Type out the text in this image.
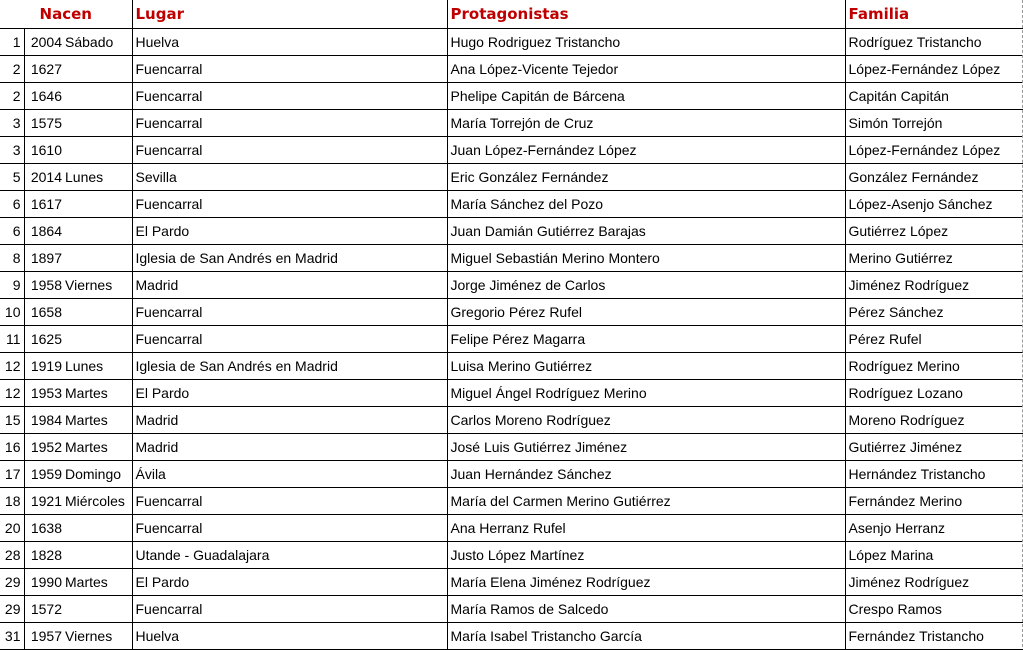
Nacen			Lugar	Protagonistas	Familia
1	2004	Sábado	Huelva	Hugo Rodriguez Tristancho	Rodríguez Tristancho
2	1627		Fuencarral	Ana López-Vicente Tejedor	López-Fernández López
2	1646		Fuencarral	Phelipe Capitán de Bárcena	Capitán Capitán
3	1575		Fuencarral	María Torrejón de Cruz	Simón Torrejón
3	1610		Fuencarral	Juan López-Fernández López	López-Fernández López
5	2014	Lunes	Sevilla	Eric González Fernández	González Fernández
6	1617		Fuencarral	María Sánchez del Pozo	López-Asenjo Sánchez
6	1864		El Pardo	Juan Damián Gutiérrez Barajas	Gutiérrez López
8	1897		Iglesia de San Andrés en Madrid	Miguel Sebastián Merino Montero	Merino Gutiérrez
9	1958	Viernes	Madrid	Jorge Jiménez de Carlos	Jiménez Rodríguez
10	1658		Fuencarral	Gregorio Pérez Rufel	Pérez Sánchez
11	1625		Fuencarral	Felipe Pérez Magarra	Pérez Rufel
12	1919	Lunes	Iglesia de San Andrés en Madrid	Luisa Merino Gutiérrez	Rodríguez Merino
12	1953	Martes	El Pardo	Miguel Ángel Rodríguez Merino	Rodríguez Lozano
15	1984	Martes	Madrid	Carlos Moreno Rodríguez	Moreno Rodríguez
16	1952	Martes	Madrid	José Luis Gutiérrez Jiménez	Gutiérrez Jiménez
17	1959	Domingo	Ávila	Juan Hernández Sánchez	Hernández Tristancho
18	1921	Miércoles	Fuencarral	María del Carmen Merino Gutiérrez	Fernández Merino
20	1638		Fuencarral	Ana Herranz Rufel	Asenjo Herranz
28	1828		Utande - Guadalajara	Justo López Martínez	López Marina
29	1990	Martes	El Pardo	María Elena Jiménez Rodríguez	Jiménez Rodríguez
29	1572		Fuencarral	María Ramos de Salcedo	Crespo Ramos
31	1957	Viernes	Huelva	María Isabel Tristancho García	Fernández Tristancho
